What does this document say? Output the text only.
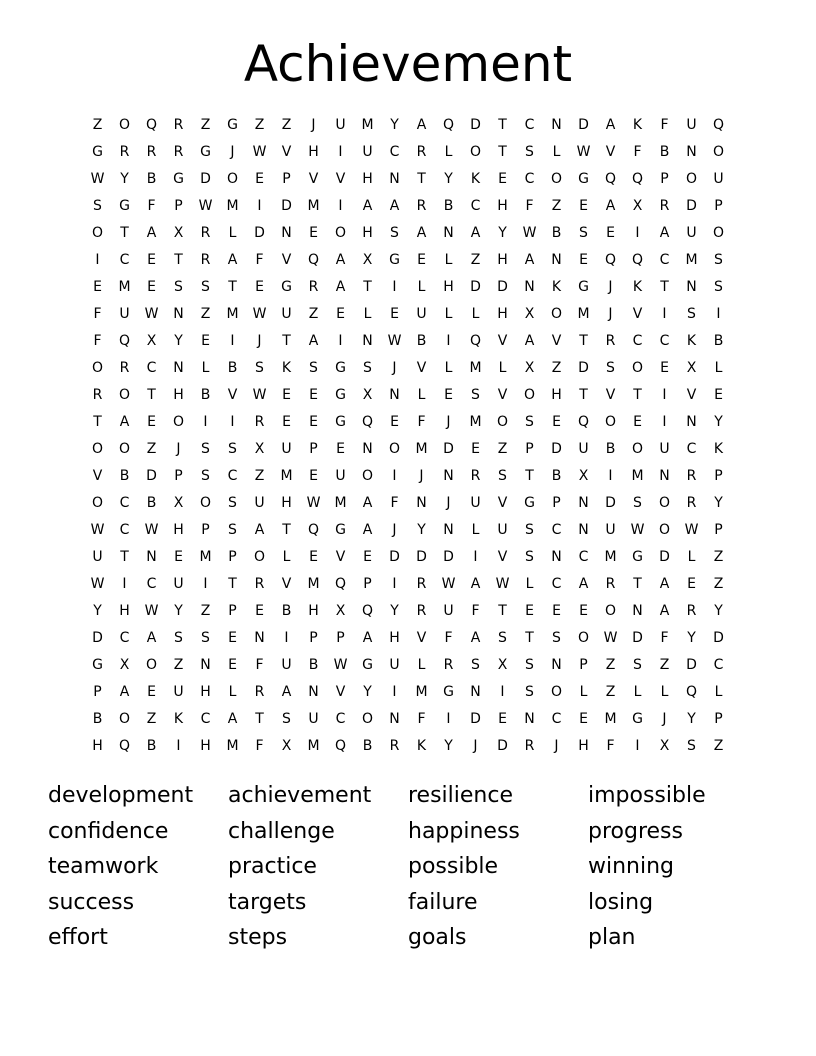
Achievement
Z	O	Q	R	Z	G	Z	Z	J	U	M	Y	A	Q	D	T	C	N	D	A	K	F	U	Q
G	R	R	R	G	J	W	V	H	I	U	C	R	L	O	T	S	L	W	V	F	B	N	O
W	Y	B	G	D	O	E	P	V	V	H	N	T	Y	K	E	C	O	G	Q	Q	P	O	U
S	G	F	P	W	M	I	D	M	I	A	A	R	B	C	H	F	Z	E	A	X	R	D	P
O	T	A	X	R	L	D	N	E	O	H	S	A	N	A	Y	W	B	S	E	I	A	U	O
I	C	E	T	R	A	F	V	Q	A	X	G	E	L	Z	H	A	N	E	Q	Q	C	M	S
E	M	E	S	S	T	E	G	R	A	T	I	L	H	D	D	N	K	G	J	K	T	N	S
F	U	W	N	Z	M	W	U	Z	E	L	E	U	L	L	H	X	O	M	J	V	I	S	I
F	Q	X	Y	E	I	J	T	A	I	N	W	B	I	Q	V	A	V	T	R	C	C	K	B
O	R	C	N	L	B	S	K	S	G	S	J	V	L	M	L	X	Z	D	S	O	E	X	L
R	O	T	H	B	V	W	E	E	G	X	N	L	E	S	V	O	H	T	V	T	I	V	E
T	A	E	O	I	I	R	E	E	G	Q	E	F	J	M	O	S	E	Q	O	E	I	N	Y
O	O	Z	J	S	S	X	U	P	E	N	O	M	D	E	Z	P	D	U	B	O	U	C	K
V	B	D	P	S	C	Z	M	E	U	O	I	J	N	R	S	T	B	X	I	M	N	R	P
O	C	B	X	O	S	U	H	W	M	A	F	N	J	U	V	G	P	N	D	S	O	R	Y
W	C	W	H	P	S	A	T	Q	G	A	J	Y	N	L	U	S	C	N	U	W	O	W	P
U	T	N	E	M	P	O	L	E	V	E	D	D	D	I	V	S	N	C	M	G	D	L	Z
W	I	C	U	I	T	R	V	M	Q	P	I	R	W	A	W	L	C	A	R	T	A	E	Z
Y	H	W	Y	Z	P	E	B	H	X	Q	Y	R	U	F	T	E	E	E	O	N	A	R	Y
D	C	A	S	S	E	N	I	P	P	A	H	V	F	A	S	T	S	O	W	D	F	Y	D
G	X	O	Z	N	E	F	U	B	W	G	U	L	R	S	X	S	N	P	Z	S	Z	D	C
P	A	E	U	H	L	R	A	N	V	Y	I	M	G	N	I	S	O	L	Z	L	L	Q	L
B	O	Z	K	C	A	T	S	U	C	O	N	F	I	D	E	N	C	E	M	G	J	Y	P
H	Q	B	I	H	M	F	X	M	Q	B	R	K	Y	J	D	R	J	H	F	I	X	S	Z
development	achievement	resilience	impossible
confidence	challenge	happiness	progress
teamwork	practice	possible	winning
success	targets	failure	losing
effort	steps	goals	plan
